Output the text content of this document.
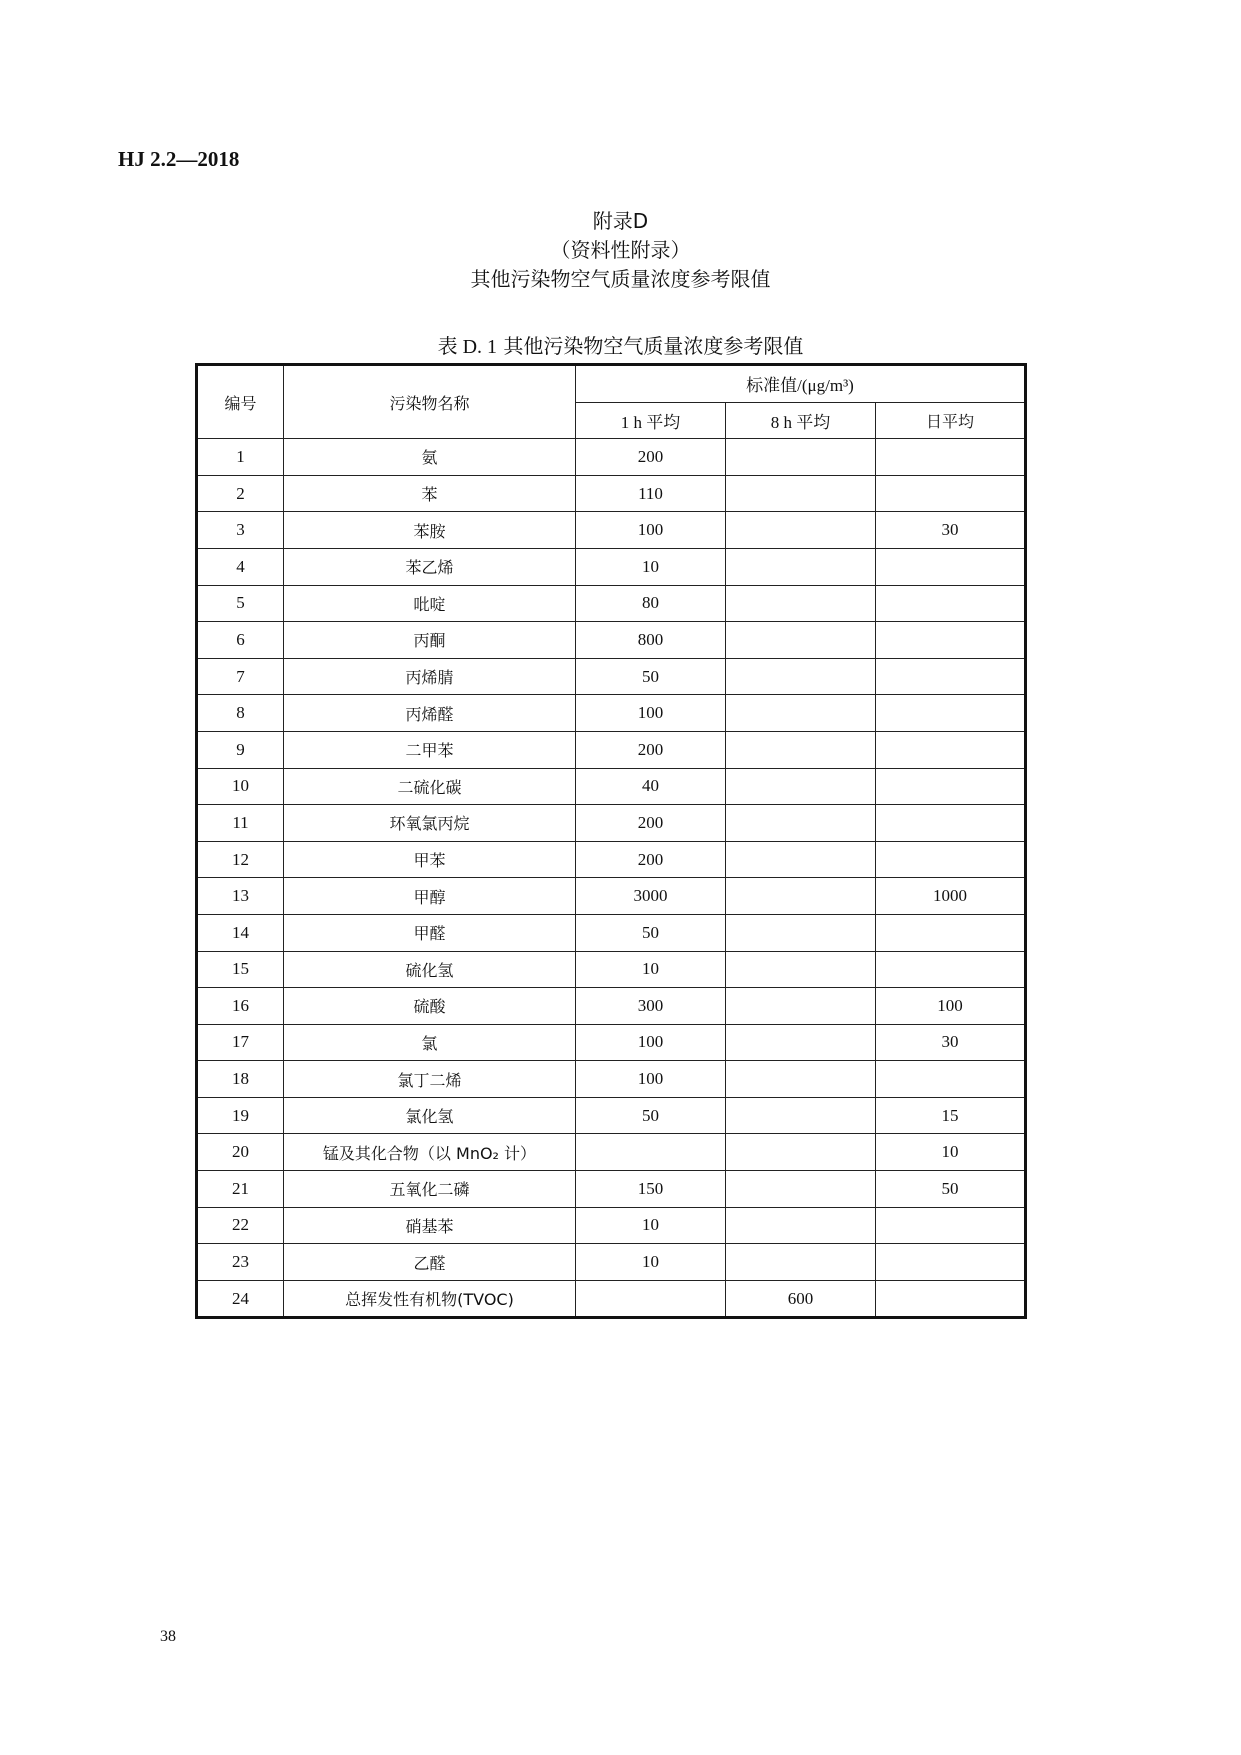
HJ 2.2—2018
附录D
（资料性附录）
其他污染物空气质量浓度参考限值
表 D. 1 其他污染物空气质量浓度参考限值
编号	污染物名称	标准值/(μg/m³)		
		1 h 平均	8 h 平均	日平均
1	氨	200		
2	苯	110		
3	苯胺	100		30
4	苯乙烯	10		
5	吡啶	80		
6	丙酮	800		
7	丙烯腈	50		
8	丙烯醛	100		
9	二甲苯	200		
10	二硫化碳	40		
11	环氧氯丙烷	200		
12	甲苯	200		
13	甲醇	3000		1000
14	甲醛	50		
15	硫化氢	10		
16	硫酸	300		100
17	氯	100		30
18	氯丁二烯	100		
19	氯化氢	50		15
20	锰及其化合物（以 MnO₂ 计）			10
21	五氧化二磷	150		50
22	硝基苯	10		
23	乙醛	10		
24	总挥发性有机物(TVOC)		600	
38
